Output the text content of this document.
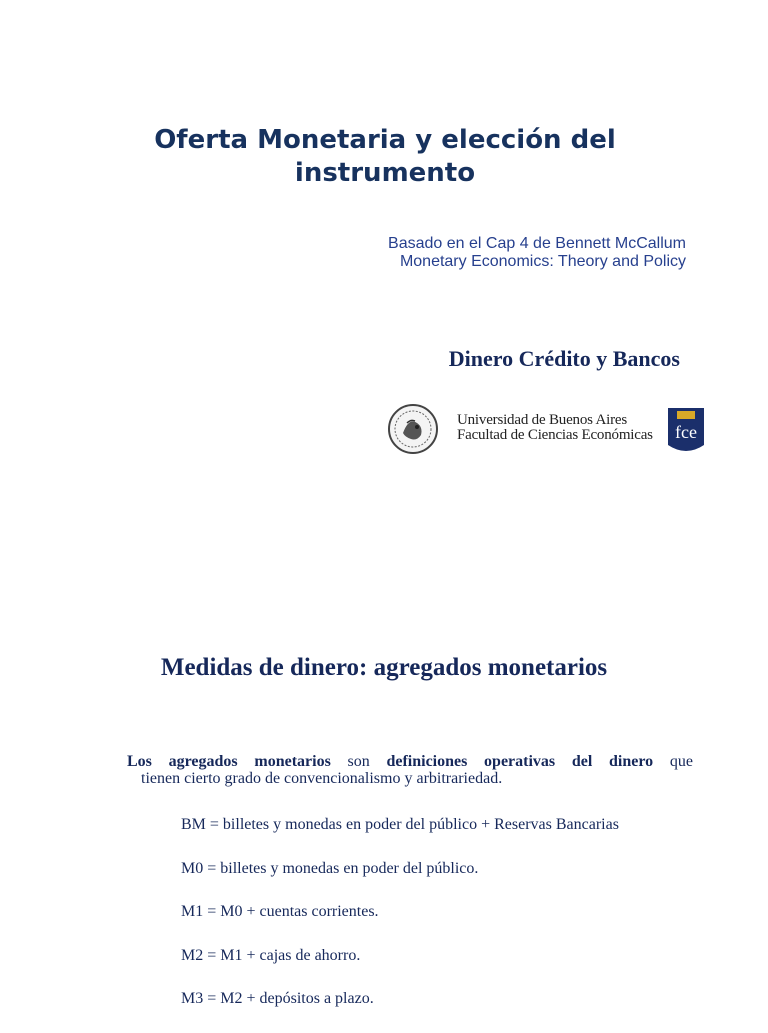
Oferta Monetaria y elección del instrumento
Basado en el Cap 4 de Bennett McCallum
Monetary Economics: Theory and Policy
Dinero Crédito y Bancos
Universidad de Buenos Aires
Facultad de Ciencias Económicas fce
Medidas de dinero: agregados monetarios
Los agregados monetarios son definiciones operativas del dinero que
tienen cierto grado de convencionalismo y arbitrariedad.
BM = billetes y monedas en poder del público + Reservas Bancarias
M0 = billetes y monedas en poder del público.
M1 = M0 + cuentas corrientes.
M2 = M1 + cajas de ahorro.
M3 = M2 + depósitos a plazo.
